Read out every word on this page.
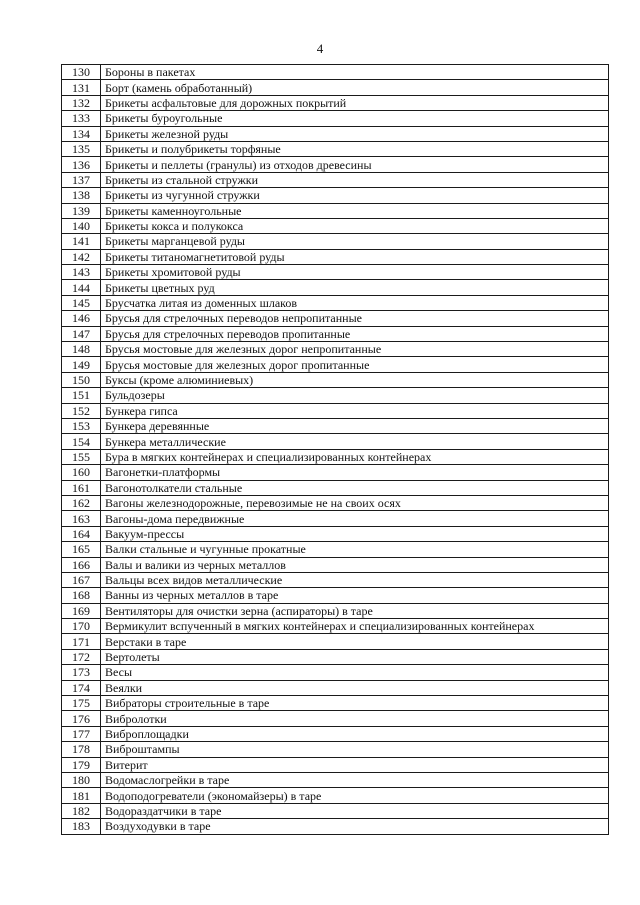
4
130	Бороны в пакетах
131	Борт (камень обработанный)
132	Брикеты асфальтовые для дорожных покрытий
133	Брикеты буроугольные
134	Брикеты железной руды
135	Брикеты и полубрикеты торфяные
136	Брикеты и пеллеты (гранулы) из отходов древесины
137	Брикеты из стальной стружки
138	Брикеты из чугунной стружки
139	Брикеты каменноугольные
140	Брикеты кокса и полукокса
141	Брикеты марганцевой руды
142	Брикеты титаномагнетитовой руды
143	Брикеты хромитовой руды
144	Брикеты цветных руд
145	Брусчатка литая из доменных шлаков
146	Брусья для стрелочных переводов непропитанные
147	Брусья для стрелочных переводов пропитанные
148	Брусья мостовые для железных дорог непропитанные
149	Брусья мостовые для железных дорог пропитанные
150	Буксы (кроме алюминиевых)
151	Бульдозеры
152	Бункера гипса
153	Бункера деревянные
154	Бункера металлические
155	Бура в мягких контейнерах и специализированных контейнерах
160	Вагонетки-платформы
161	Вагонотолкатели стальные
162	Вагоны железнодорожные, перевозимые не на своих осях
163	Вагоны-дома передвижные
164	Вакуум-прессы
165	Валки стальные и чугунные прокатные
166	Валы и валики из черных металлов
167	Вальцы всех видов металлические
168	Ванны из черных металлов в таре
169	Вентиляторы для очистки зерна (аспираторы) в таре
170	Вермикулит вспученный в мягких контейнерах и специализированных контейнерах
171	Верстаки в таре
172	Вертолеты
173	Весы
174	Веялки
175	Вибраторы строительные в таре
176	Вибролотки
177	Виброплощадки
178	Виброштампы
179	Витерит
180	Водомаслогрейки в таре
181	Водоподогреватели (экономайзеры) в таре
182	Водораздатчики в таре
183	Воздуходувки в таре
